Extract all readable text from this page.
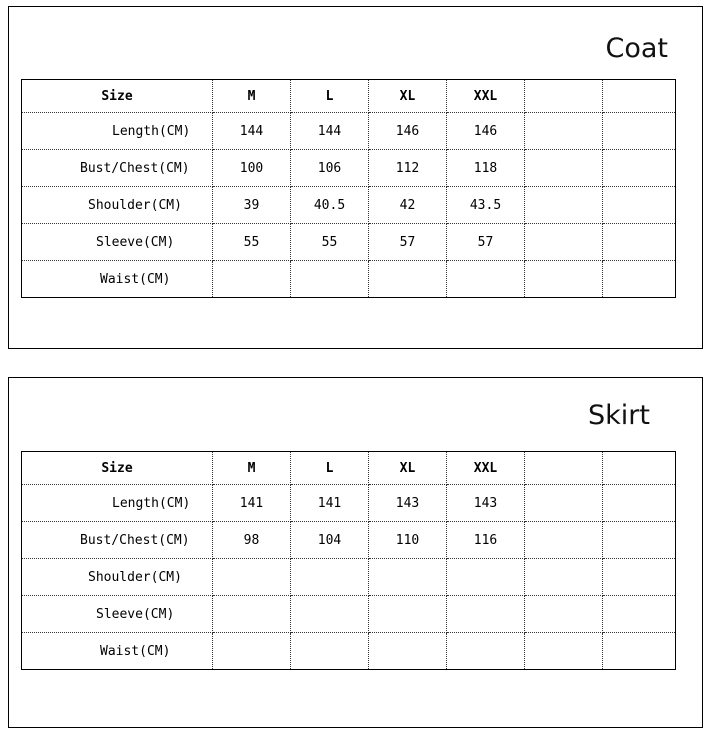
Coat
Size	M	L	XL	XXL		
Length(CM)	144	144	146	146		
Bust/Chest(CM)	100	106	112	118		
Shoulder(CM)	39	40.5	42	43.5		
Sleeve(CM)	55	55	57	57		
Waist(CM)						
Skirt
Size	M	L	XL	XXL		
Length(CM)	141	141	143	143		
Bust/Chest(CM)	98	104	110	116		
Shoulder(CM)						
Sleeve(CM)						
Waist(CM)						
